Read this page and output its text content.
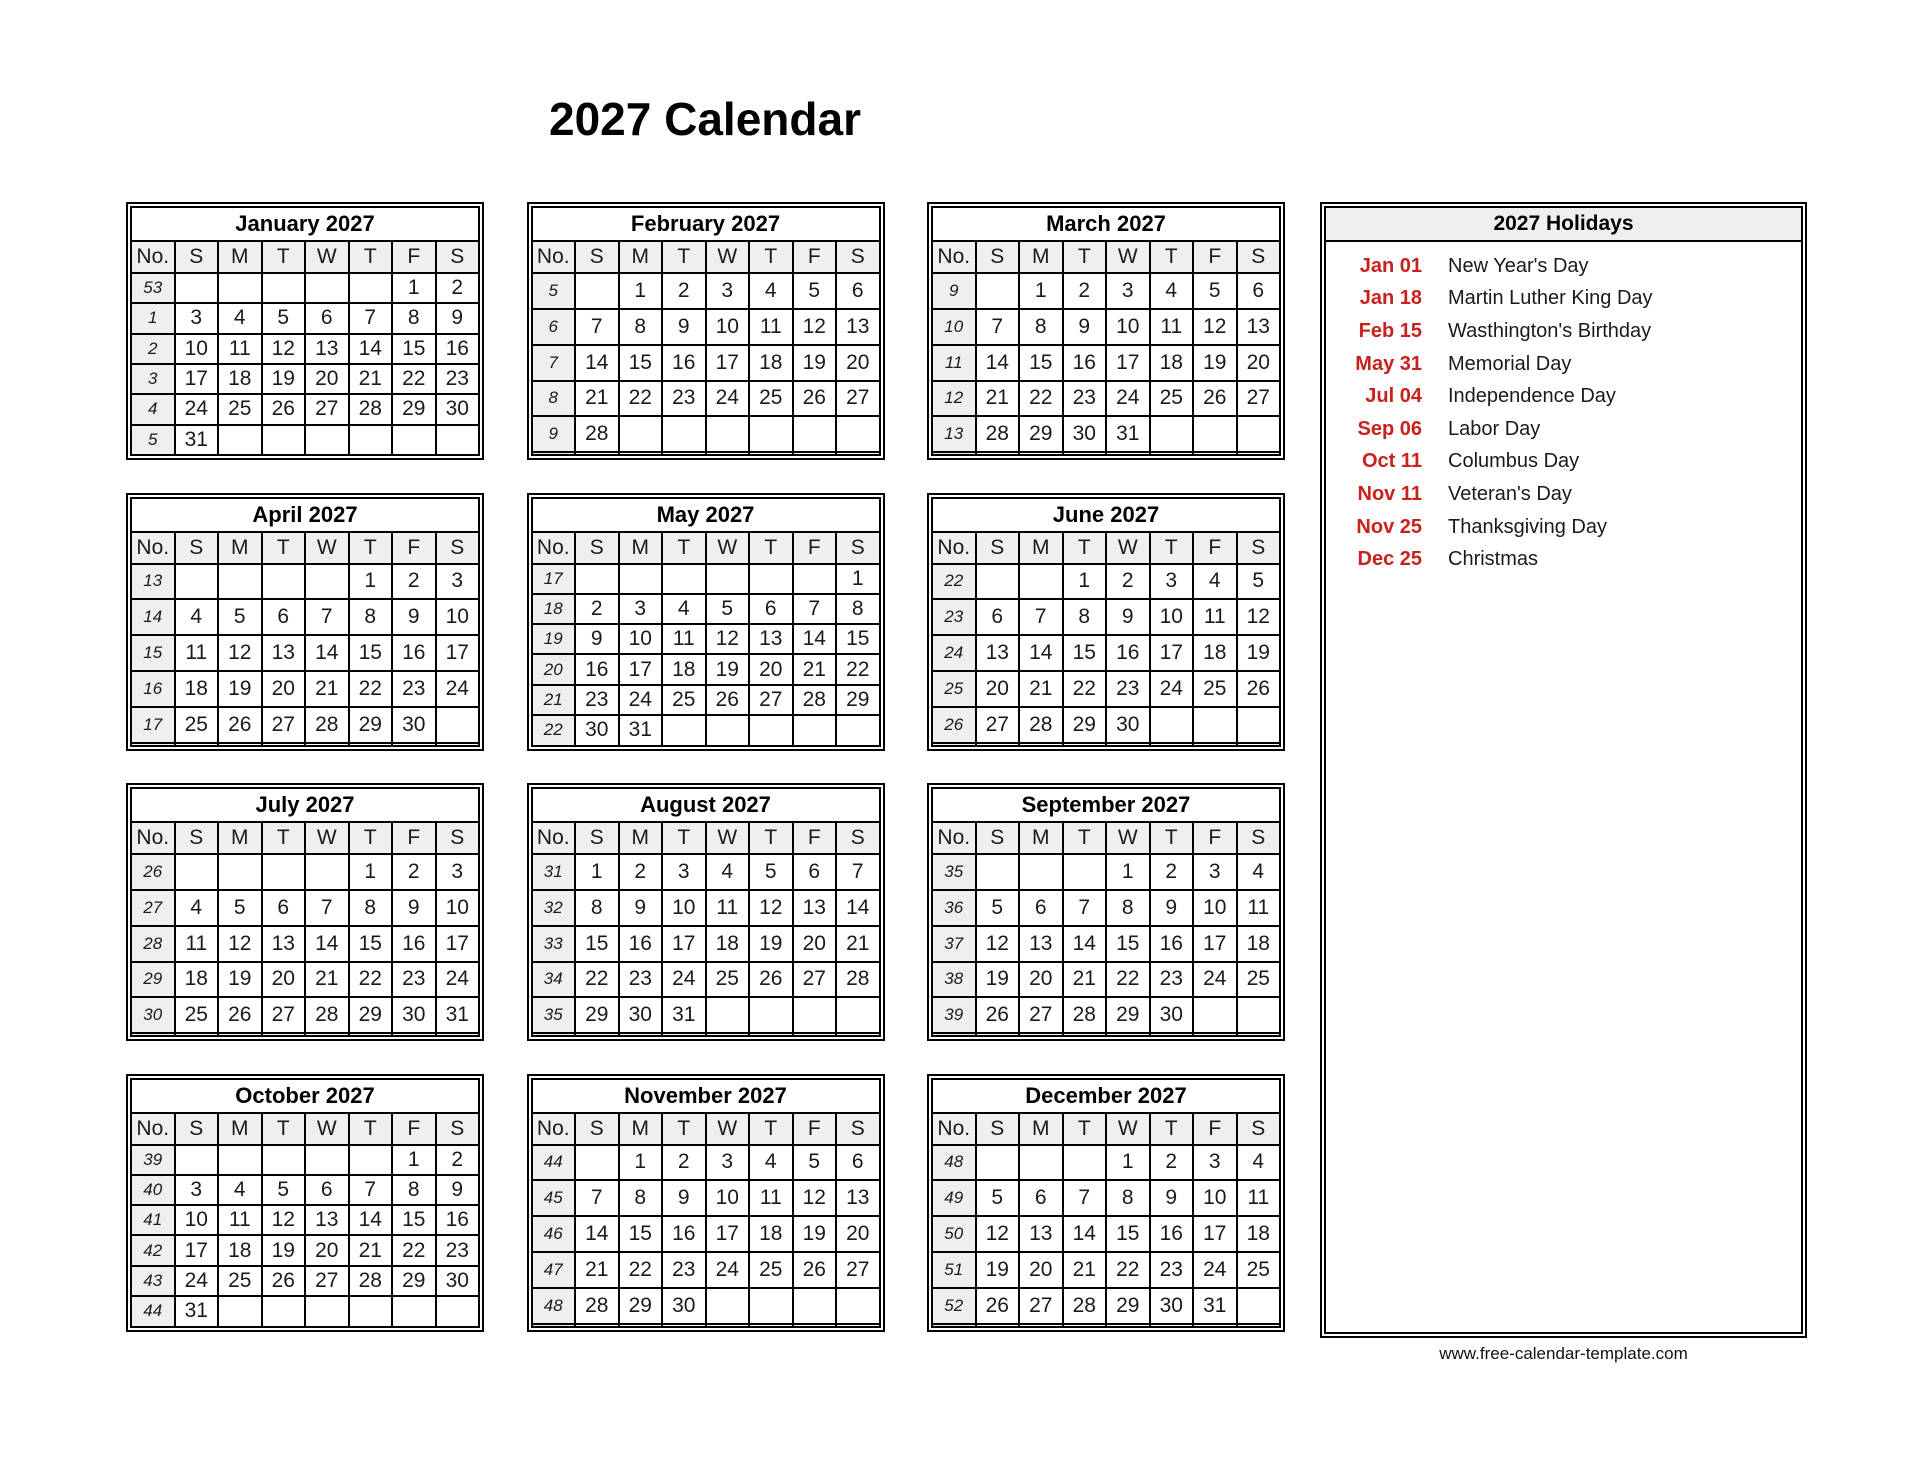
2027 Calendar
January 2027							
No.	S	M	T	W	T	F	S
53						1	2
1	3	4	5	6	7	8	9
2	10	11	12	13	14	15	16
3	17	18	19	20	21	22	23
4	24	25	26	27	28	29	30
5	31						
February 2027							
No.	S	M	T	W	T	F	S
5		1	2	3	4	5	6
6	7	8	9	10	11	12	13
7	14	15	16	17	18	19	20
8	21	22	23	24	25	26	27
9	28						

March 2027							
No.	S	M	T	W	T	F	S
9		1	2	3	4	5	6
10	7	8	9	10	11	12	13
11	14	15	16	17	18	19	20
12	21	22	23	24	25	26	27
13	28	29	30	31			

April 2027							
No.	S	M	T	W	T	F	S
13					1	2	3
14	4	5	6	7	8	9	10
15	11	12	13	14	15	16	17
16	18	19	20	21	22	23	24
17	25	26	27	28	29	30	

May 2027							
No.	S	M	T	W	T	F	S
17							1
18	2	3	4	5	6	7	8
19	9	10	11	12	13	14	15
20	16	17	18	19	20	21	22
21	23	24	25	26	27	28	29
22	30	31					
June 2027							
No.	S	M	T	W	T	F	S
22			1	2	3	4	5
23	6	7	8	9	10	11	12
24	13	14	15	16	17	18	19
25	20	21	22	23	24	25	26
26	27	28	29	30			

July 2027							
No.	S	M	T	W	T	F	S
26					1	2	3
27	4	5	6	7	8	9	10
28	11	12	13	14	15	16	17
29	18	19	20	21	22	23	24
30	25	26	27	28	29	30	31

August 2027							
No.	S	M	T	W	T	F	S
31	1	2	3	4	5	6	7
32	8	9	10	11	12	13	14
33	15	16	17	18	19	20	21
34	22	23	24	25	26	27	28
35	29	30	31				

September 2027							
No.	S	M	T	W	T	F	S
35				1	2	3	4
36	5	6	7	8	9	10	11
37	12	13	14	15	16	17	18
38	19	20	21	22	23	24	25
39	26	27	28	29	30		

October 2027							
No.	S	M	T	W	T	F	S
39						1	2
40	3	4	5	6	7	8	9
41	10	11	12	13	14	15	16
42	17	18	19	20	21	22	23
43	24	25	26	27	28	29	30
44	31						
November 2027							
No.	S	M	T	W	T	F	S
44		1	2	3	4	5	6
45	7	8	9	10	11	12	13
46	14	15	16	17	18	19	20
47	21	22	23	24	25	26	27
48	28	29	30				

December 2027							
No.	S	M	T	W	T	F	S
48				1	2	3	4
49	5	6	7	8	9	10	11
50	12	13	14	15	16	17	18
51	19	20	21	22	23	24	25
52	26	27	28	29	30	31	

2027 Holidays
Jan 01 New Year's Day
Jan 18 Martin Luther King Day
Feb 15 Wasthington's Birthday
May 31 Memorial Day
Jul 04 Independence Day
Sep 06 Labor Day
Oct 11 Columbus Day
Nov 11 Veteran's Day
Nov 25 Thanksgiving Day
Dec 25 Christmas
www.free-calendar-template.com
